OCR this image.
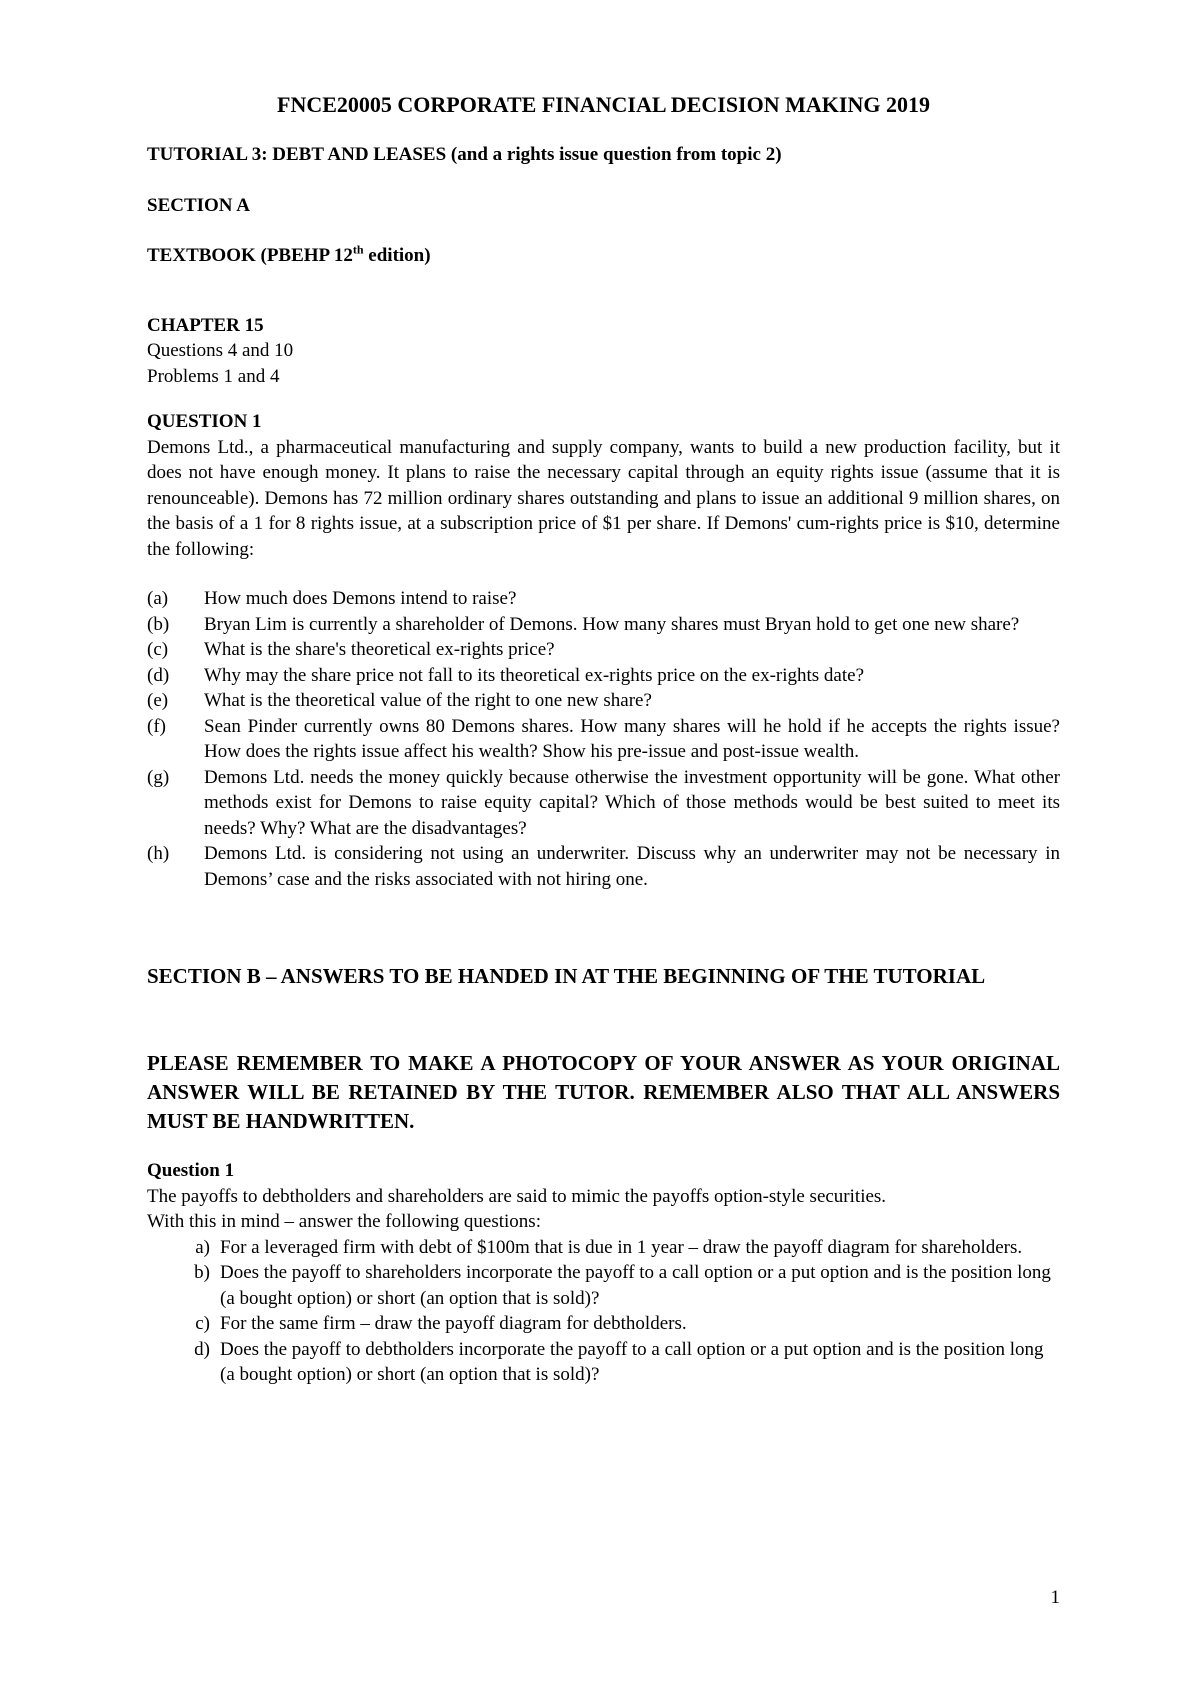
FNCE20005 CORPORATE FINANCIAL DECISION MAKING 2019

TUTORIAL 3: DEBT AND LEASES (and a rights issue question from topic 2)

SECTION A

TEXTBOOK (PBEHP 12th edition)

CHAPTER 15

Questions 4 and 10

Problems 1 and 4

QUESTION 1

Demons Ltd., a pharmaceutical manufacturing and supply company, wants to build a new production facility, but it does not have enough money. It plans to raise the necessary capital through an equity rights issue (assume that it is renounceable). Demons has 72 million ordinary shares outstanding and plans to issue an additional 9 million shares, on the basis of a 1 for 8 rights issue, at a subscription price of $1 per share. If Demons' cum-rights price is $10, determine the following:

(a)	How much does Demons intend to raise?
(b)	Bryan Lim is currently a shareholder of Demons. How many shares must Bryan hold to get one new share?
(c)	What is the share's theoretical ex-rights price?
(d)	Why may the share price not fall to its theoretical ex-rights price on the ex-rights date?
(e)	What is the theoretical value of the right to one new share?
(f)	Sean Pinder currently owns 80 Demons shares. How many shares will he hold if he accepts the rights issue? How does the rights issue affect his wealth? Show his pre-issue and post-issue wealth.
(g)	Demons Ltd. needs the money quickly because otherwise the investment opportunity will be gone. What other methods exist for Demons to raise equity capital? Which of those methods would be best suited to meet its needs? Why? What are the disadvantages?
(h)	Demons Ltd. is considering not using an underwriter. Discuss why an underwriter may not be necessary in Demons’ case and the risks associated with not hiring one.

SECTION B – ANSWERS TO BE HANDED IN AT THE BEGINNING OF THE TUTORIAL

PLEASE REMEMBER TO MAKE A PHOTOCOPY OF YOUR ANSWER AS YOUR ORIGINAL ANSWER WILL BE RETAINED BY THE TUTOR. REMEMBER ALSO THAT ALL ANSWERS MUST BE HANDWRITTEN.

Question 1

The payoffs to debtholders and shareholders are said to mimic the payoffs option-style securities.

With this in mind – answer the following questions:

a) For a leveraged firm with debt of $100m that is due in 1 year – draw the payoff diagram for shareholders.
b) Does the payoff to shareholders incorporate the payoff to a call option or a put option and is the position long (a bought option) or short (an option that is sold)?
c) For the same firm – draw the payoff diagram for debtholders.
d) Does the payoff to debtholders incorporate the payoff to a call option or a put option and is the position long (a bought option) or short (an option that is sold)?
1
